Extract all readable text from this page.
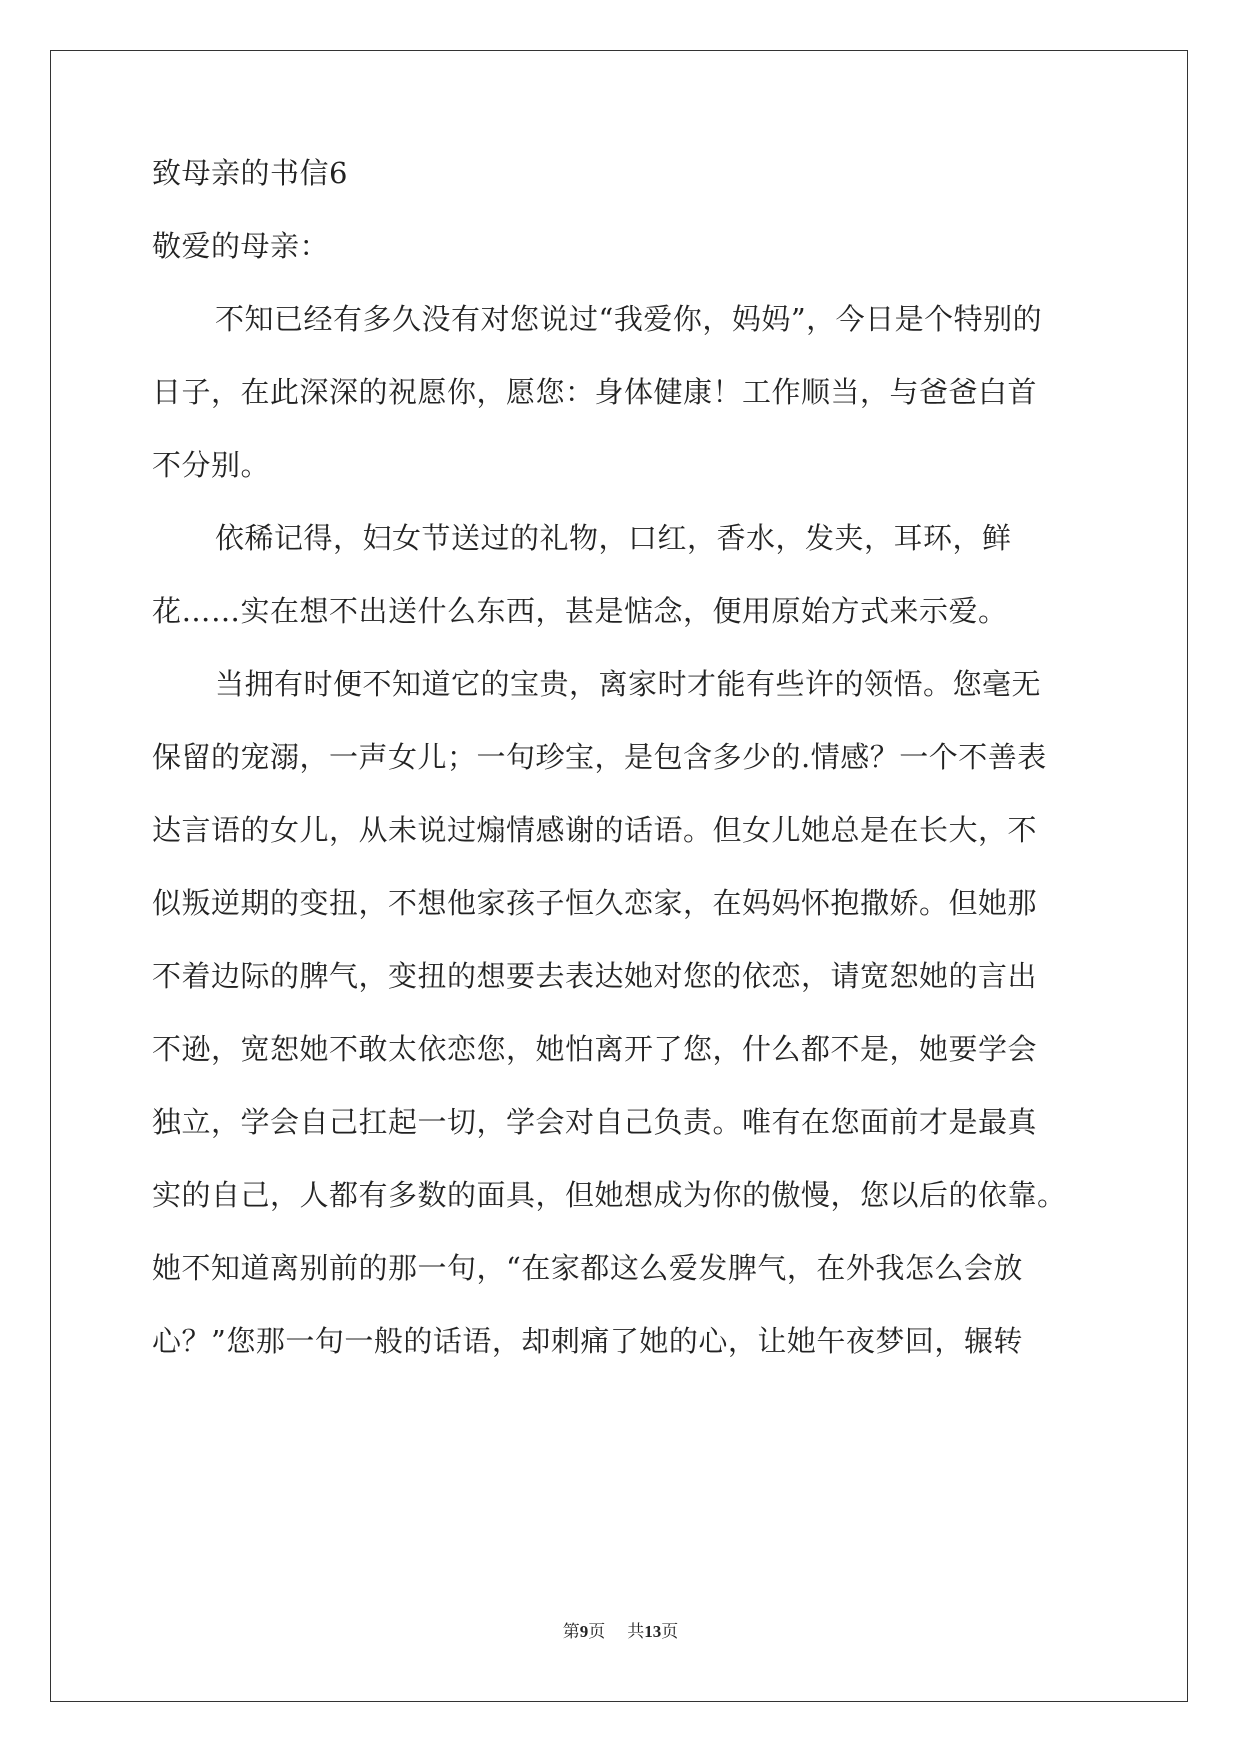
致母亲的书信6

敬爱的母亲：

不知已经有多久没有对您说过“我爱你，妈妈”，今日是个特别的

日子，在此深深的祝愿你，愿您：身体健康！工作顺当，与爸爸白首

不分别。

依稀记得，妇女节送过的礼物，口红，香水，发夹，耳环，鲜

花……实在想不出送什么东西，甚是惦念，便用原始方式来示爱。

当拥有时便不知道它的宝贵，离家时才能有些许的领悟。您毫无

保留的宠溺，一声女儿；一句珍宝，是包含多少的.情感？一个不善表

达言语的女儿，从未说过煽情感谢的话语。但女儿她总是在长大，不

似叛逆期的变扭，不想他家孩子恒久恋家，在妈妈怀抱撒娇。但她那

不着边际的脾气，变扭的想要去表达她对您的依恋，请宽恕她的言出

不逊，宽恕她不敢太依恋您，她怕离开了您，什么都不是，她要学会

独立，学会自己扛起一切，学会对自己负责。唯有在您面前才是最真

实的自己，人都有多数的面具，但她想成为你的傲慢，您以后的依靠。

她不知道离别前的那一句，“在家都这么爱发脾气，在外我怎么会放

心？”您那一句一般的话语，却刺痛了她的心，让她午夜梦回，辗转

第9页 共13页
